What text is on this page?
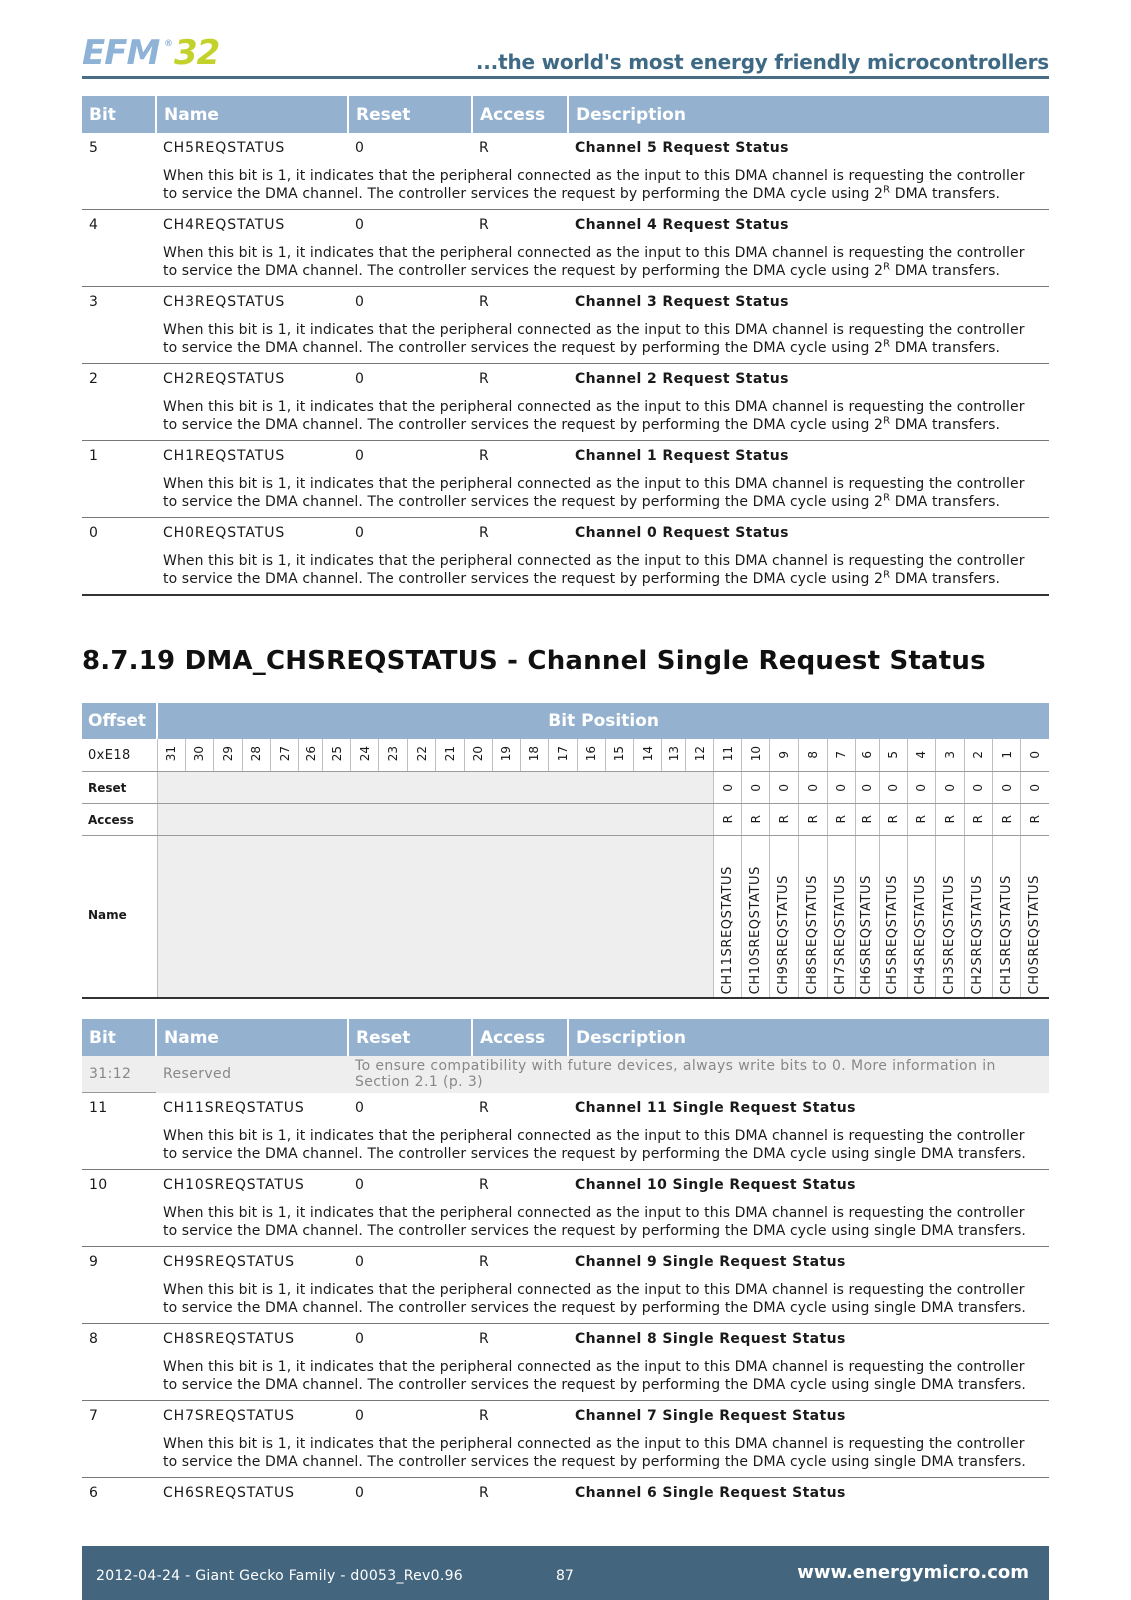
EFM ® 32	...the world's most energy friendly microcontrollers
Bit	Name	Reset	Access	Description
5	CH5REQSTATUS	0	R	Channel 5 Request Status
	When this bit is 1, it indicates that the peripheral connected as the input to this DMA channel is requesting the controller to service the DMA channel. The controller services the request by performing the DMA cycle using $2^R$ DMA transfers.			
4	CH4REQSTATUS	0	R	Channel 4 Request Status
	When this bit is 1, it indicates that the peripheral connected as the input to this DMA channel is requesting the controller to service the DMA channel. The controller services the request by performing the DMA cycle using $2^R$ DMA transfers.			
3	CH3REQSTATUS	0	R	Channel 3 Request Status
	When this bit is 1, it indicates that the peripheral connected as the input to this DMA channel is requesting the controller to service the DMA channel. The controller services the request by performing the DMA cycle using $2^R$ DMA transfers.			
2	CH2REQSTATUS	0	R	Channel 2 Request Status
	When this bit is 1, it indicates that the peripheral connected as the input to this DMA channel is requesting the controller to service the DMA channel. The controller services the request by performing the DMA cycle using $2^R$ DMA transfers.			
1	CH1REQSTATUS	0	R	Channel 1 Request Status
	When this bit is 1, it indicates that the peripheral connected as the input to this DMA channel is requesting the controller to service the DMA channel. The controller services the request by performing the DMA cycle using $2^R$ DMA transfers.			
0	CH0REQSTATUS	0	R	Channel 0 Request Status
	When this bit is 1, it indicates that the peripheral connected as the input to this DMA channel is requesting the controller to service the DMA channel. The controller services the request by performing the DMA cycle using $2^R$ DMA transfers.			
8.7.19 DMA_CHSREQSTATUS - Channel Single Request Status
Offset	Bit Position																															
0xE18	31	30	29	28	27	26	25	24	23	22	21	20	19	18	17	16	15	14	13	12	11	10	9	8	7	6	5	4	3	2	1	0
Reset																					0	0	0	0	0	0	0	0	0	0	0	0
Access																					R	R	R	R	R	R	R	R	R	R	R	R
Name																					CH11SREQSTATUS	CH10SREQSTATUS	CH9SREQSTATUS	CH8SREQSTATUS	CH7SREQSTATUS	CH6SREQSTATUS	CH5SREQSTATUS	CH4SREQSTATUS	CH3SREQSTATUS	CH2SREQSTATUS	CH1SREQSTATUS	CH0SREQSTATUS
Bit	Name	Reset	Access	Description
31:12	Reserved	To ensure compatibility with future devices, always write bits to 0. More information in Section 2.1 (p. 3)		
11	CH11SREQSTATUS	0	R	Channel 11 Single Request Status
	When this bit is 1, it indicates that the peripheral connected as the input to this DMA channel is requesting the controller to service the DMA channel. The controller services the request by performing the DMA cycle using single DMA transfers.			
10	CH10SREQSTATUS	0	R	Channel 10 Single Request Status
	When this bit is 1, it indicates that the peripheral connected as the input to this DMA channel is requesting the controller to service the DMA channel. The controller services the request by performing the DMA cycle using single DMA transfers.			
9	CH9SREQSTATUS	0	R	Channel 9 Single Request Status
	When this bit is 1, it indicates that the peripheral connected as the input to this DMA channel is requesting the controller to service the DMA channel. The controller services the request by performing the DMA cycle using single DMA transfers.			
8	CH8SREQSTATUS	0	R	Channel 8 Single Request Status
	When this bit is 1, it indicates that the peripheral connected as the input to this DMA channel is requesting the controller to service the DMA channel. The controller services the request by performing the DMA cycle using single DMA transfers.			
7	CH7SREQSTATUS	0	R	Channel 7 Single Request Status
	When this bit is 1, it indicates that the peripheral connected as the input to this DMA channel is requesting the controller to service the DMA channel. The controller services the request by performing the DMA cycle using single DMA transfers.			
6	CH6SREQSTATUS	0	R	Channel 6 Single Request Status
2012-04-24 - Giant Gecko Family - d0053_Rev0.96	87	www.energymicro.com
